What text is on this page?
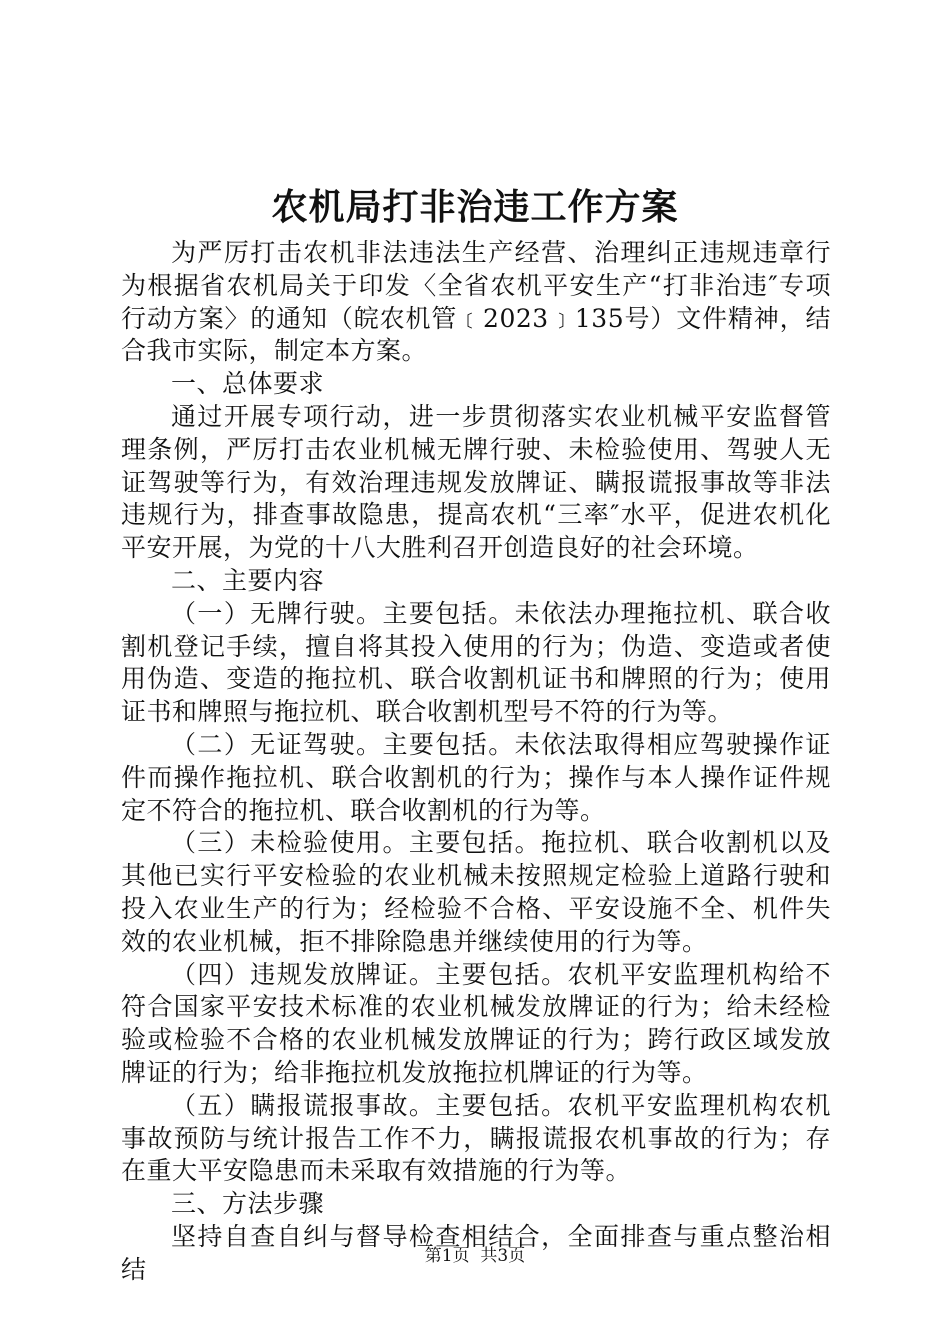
农机局打非治违工作方案

为严厉打击农机非法违法生产经营、治理纠正违规违章行为根据省农机局关于印发〈全省农机平安生产“打非治违″专项行动方案〉的通知（皖农机管﹝2023﹞135号）文件精神，结合我市实际，制定本方案。

一、总体要求

通过开展专项行动，进一步贯彻落实农业机械平安监督管理条例，严厉打击农业机械无牌行驶、未检验使用、驾驶人无证驾驶等行为，有效治理违规发放牌证、瞒报谎报事故等非法违规行为，排查事故隐患，提高农机“三率″水平，促进农机化平安开展，为党的十八大胜利召开创造良好的社会环境。

二、主要内容

（一）无牌行驶。主要包括。未依法办理拖拉机、联合收割机登记手续，擅自将其投入使用的行为；伪造、变造或者使用伪造、变造的拖拉机、联合收割机证书和牌照的行为；使用证书和牌照与拖拉机、联合收割机型号不符的行为等。

（二）无证驾驶。主要包括。未依法取得相应驾驶操作证件而操作拖拉机、联合收割机的行为；操作与本人操作证件规定不符合的拖拉机、联合收割机的行为等。

（三）未检验使用。主要包括。拖拉机、联合收割机以及其他已实行平安检验的农业机械未按照规定检验上道路行驶和投入农业生产的行为；经检验不合格、平安设施不全、机件失效的农业机械，拒不排除隐患并继续使用的行为等。

（四）违规发放牌证。主要包括。农机平安监理机构给不符合国家平安技术标准的农业机械发放牌证的行为；给未经检验或检验不合格的农业机械发放牌证的行为；跨行政区域发放牌证的行为；给非拖拉机发放拖拉机牌证的行为等。

（五）瞒报谎报事故。主要包括。农机平安监理机构农机事故预防与统计报告工作不力，瞒报谎报农机事故的行为；存在重大平安隐患而未采取有效措施的行为等。

三、方法步骤

坚持自查自纠与督导检查相结合，全面排查与重点整治相结	第1页  共3页
